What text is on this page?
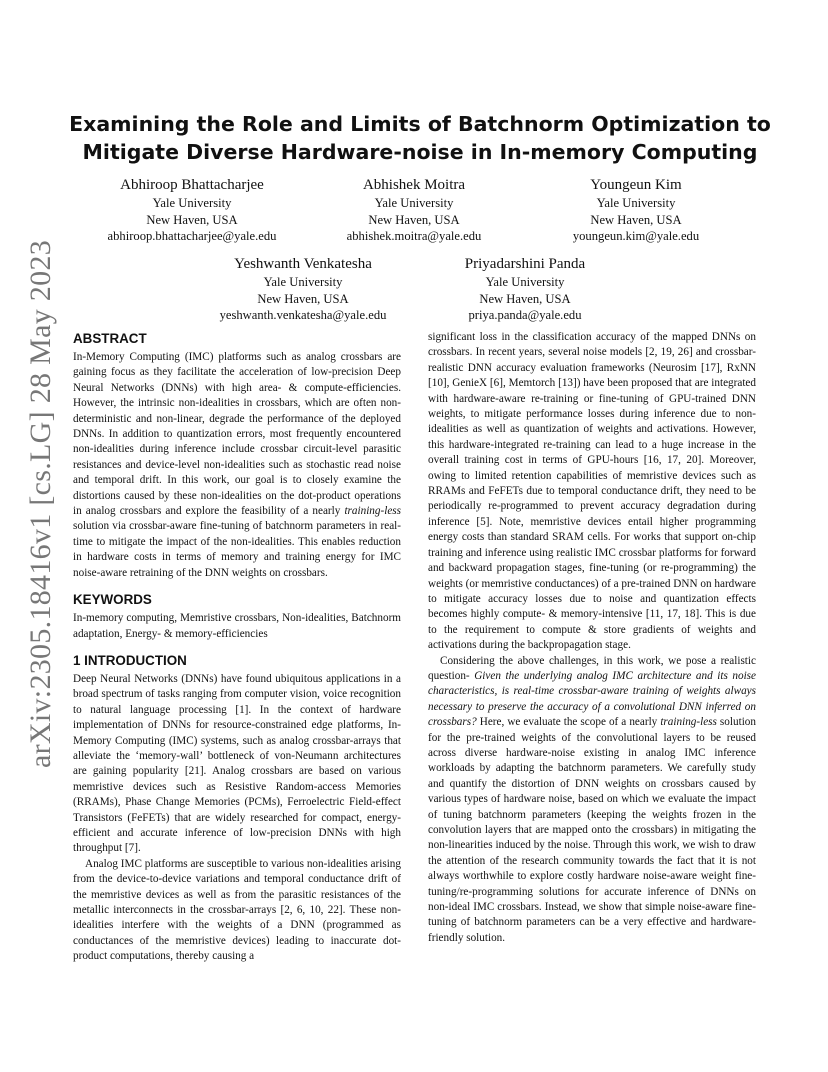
arXiv:2305.18416v1 [cs.LG] 28 May 2023
Examining the Role and Limits of Batchnorm Optimization to
Mitigate Diverse Hardware-noise in In-memory Computing
Abhiroop Bhattacharjee
Yale University
New Haven, USA
abhiroop.bhattacharjee@yale.edu
Abhishek Moitra
Yale University
New Haven, USA
abhishek.moitra@yale.edu
Youngeun Kim
Yale University
New Haven, USA
youngeun.kim@yale.edu
Yeshwanth Venkatesha
Yale University
New Haven, USA
yeshwanth.venkatesha@yale.edu
Priyadarshini Panda
Yale University
New Haven, USA
priya.panda@yale.edu
ABSTRACT

In-Memory Computing (IMC) platforms such as analog crossbars are gaining focus as they facilitate the acceleration of low-precision Deep Neural Networks (DNNs) with high area- & compute-efficiencies. However, the intrinsic non-idealities in crossbars, which are often non-deterministic and non-linear, degrade the performance of the deployed DNNs. In addition to quantization errors, most frequently encountered non-idealities during inference include crossbar circuit-level parasitic resistances and device-level non-idealities such as stochastic read noise and temporal drift. In this work, our goal is to closely examine the distortions caused by these non-idealities on the dot-product operations in analog crossbars and explore the feasibility of a nearly training-less solution via crossbar-aware fine-tuning of batchnorm parameters in real-time to mitigate the impact of the non-idealities. This enables reduction in hardware costs in terms of memory and training energy for IMC noise-aware retraining of the DNN weights on crossbars.

KEYWORDS

In-memory computing, Memristive crossbars, Non-idealities, Batchnorm adaptation, Energy- & memory-efficiencies

1 INTRODUCTION

Deep Neural Networks (DNNs) have found ubiquitous applications in a broad spectrum of tasks ranging from computer vision, voice recognition to natural language processing [1]. In the context of hardware implementation of DNNs for resource-constrained edge platforms, In-Memory Computing (IMC) systems, such as analog crossbar-arrays that alleviate the ‘memory-wall’ bottleneck of von-Neumann architectures are gaining popularity [21]. Analog crossbars are based on various memristive devices such as Resistive Random-access Memories (RRAMs), Phase Change Memories (PCMs), Ferroelectric Field-effect Transistors (FeFETs) that are widely researched for compact, energy-efficient and accurate inference of low-precision DNNs with high throughput [7].

Analog IMC platforms are susceptible to various non-idealities arising from the device-to-device variations and temporal conductance drift of the memristive devices as well as from the parasitic resistances of the metallic interconnects in the crossbar-arrays [2, 6, 10, 22]. These non-idealities interfere with the weights of a DNN (programmed as conductances of the memristive devices) leading to inaccurate dot-product computations, thereby causing a

significant loss in the classification accuracy of the mapped DNNs on crossbars. In recent years, several noise models [2, 19, 26] and crossbar-realistic DNN accuracy evaluation frameworks (Neurosim [17], RxNN [10], GenieX [6], Memtorch [13]) have been proposed that are integrated with hardware-aware re-training or fine-tuning of GPU-trained DNN weights, to mitigate performance losses during inference due to non-idealities as well as quantization of weights and activations. However, this hardware-integrated re-training can lead to a huge increase in the overall training cost in terms of GPU-hours [16, 17, 20]. Moreover, owing to limited retention capabilities of memristive devices such as RRAMs and FeFETs due to temporal conductance drift, they need to be periodically re-programmed to prevent accuracy degradation during inference [5]. Note, memristive devices entail higher programming energy costs than standard SRAM cells. For works that support on-chip training and inference using realistic IMC crossbar platforms for forward and backward propagation stages, fine-tuning (or re-programming) the weights (or memristive conductances) of a pre-trained DNN on hardware to mitigate accuracy losses due to noise and quantization effects becomes highly compute- & memory-intensive [11, 17, 18]. This is due to the requirement to compute & store gradients of weights and activations during the backpropagation stage.

Considering the above challenges, in this work, we pose a realistic question- Given the underlying analog IMC architecture and its noise characteristics, is real-time crossbar-aware training of weights always necessary to preserve the accuracy of a convolutional DNN inferred on crossbars? Here, we evaluate the scope of a nearly training-less solution for the pre-trained weights of the convolutional layers to be reused across diverse hardware-noise existing in analog IMC inference workloads by adapting the batchnorm parameters. We carefully study and quantify the distortion of DNN weights on crossbars caused by various types of hardware noise, based on which we evaluate the impact of tuning batchnorm parameters (keeping the weights frozen in the convolution layers that are mapped onto the crossbars) in mitigating the non-linearities induced by the noise. Through this work, we wish to draw the attention of the research community towards the fact that it is not always worthwhile to explore costly hardware noise-aware weight fine-tuning/re-programming solutions for accurate inference of DNNs on non-ideal IMC crossbars. Instead, we show that simple noise-aware fine-tuning of batchnorm parameters can be a very effective and hardware-friendly solution.
